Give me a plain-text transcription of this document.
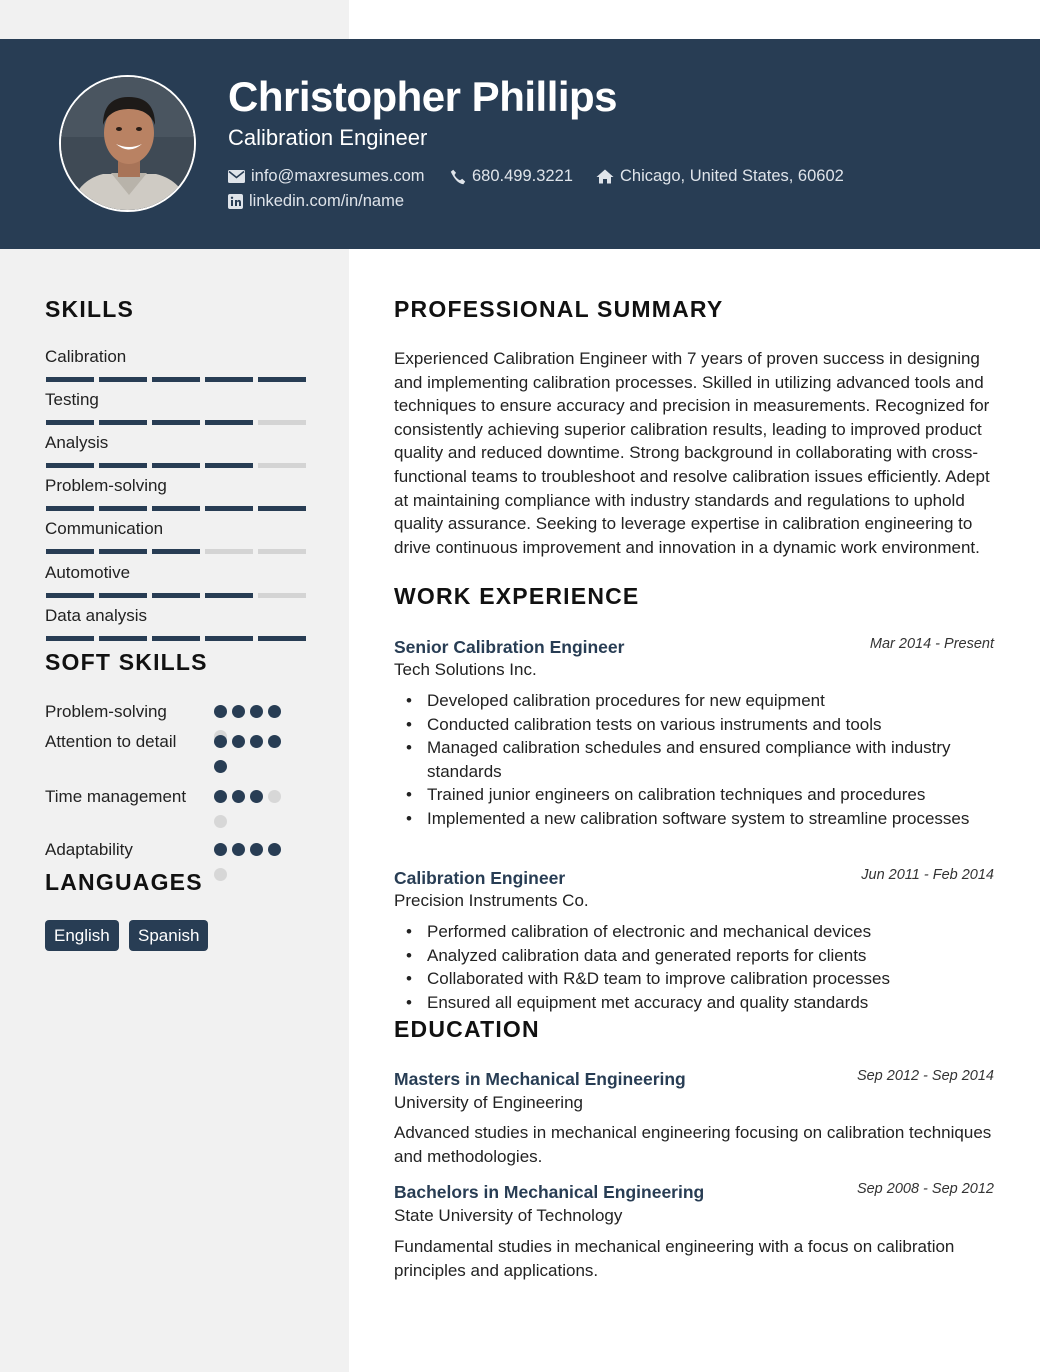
Christopher Phillips
Calibration Engineer
info@maxresumes.com	680.499.3221	Chicago, United States, 60602
linkedin.com/in/name
SKILLS
Calibration
Testing
Analysis
Problem-solving
Communication
Automotive
Data analysis
SOFT SKILLS
Problem-solving
Attention to detail
Time management
Adaptability
LANGUAGES
English	Spanish
PROFESSIONAL SUMMARY
Experienced Calibration Engineer with 7 years of proven success in designing and implementing calibration processes. Skilled in utilizing advanced tools and techniques to ensure accuracy and precision in measurements. Recognized for consistently achieving superior calibration results, leading to improved product quality and reduced downtime. Strong background in collaborating with cross-functional teams to troubleshoot and resolve calibration issues efficiently. Adept at maintaining compliance with industry standards and regulations to uphold quality assurance. Seeking to leverage expertise in calibration engineering to drive continuous improvement and innovation in a dynamic work environment.
WORK EXPERIENCE
Senior Calibration Engineer	Mar 2014 - Present
Tech Solutions Inc.
• Developed calibration procedures for new equipment
• Conducted calibration tests on various instruments and tools
• Managed calibration schedules and ensured compliance with industry standards
• Trained junior engineers on calibration techniques and procedures
• Implemented a new calibration software system to streamline processes
Calibration Engineer	Jun 2011 - Feb 2014
Precision Instruments Co.
• Performed calibration of electronic and mechanical devices
• Analyzed calibration data and generated reports for clients
• Collaborated with R&D team to improve calibration processes
• Ensured all equipment met accuracy and quality standards
EDUCATION
Masters in Mechanical Engineering	Sep 2012 - Sep 2014
University of Engineering
Advanced studies in mechanical engineering focusing on calibration techniques and methodologies.
Bachelors in Mechanical Engineering	Sep 2008 - Sep 2012
State University of Technology
Fundamental studies in mechanical engineering with a focus on calibration principles and applications.
